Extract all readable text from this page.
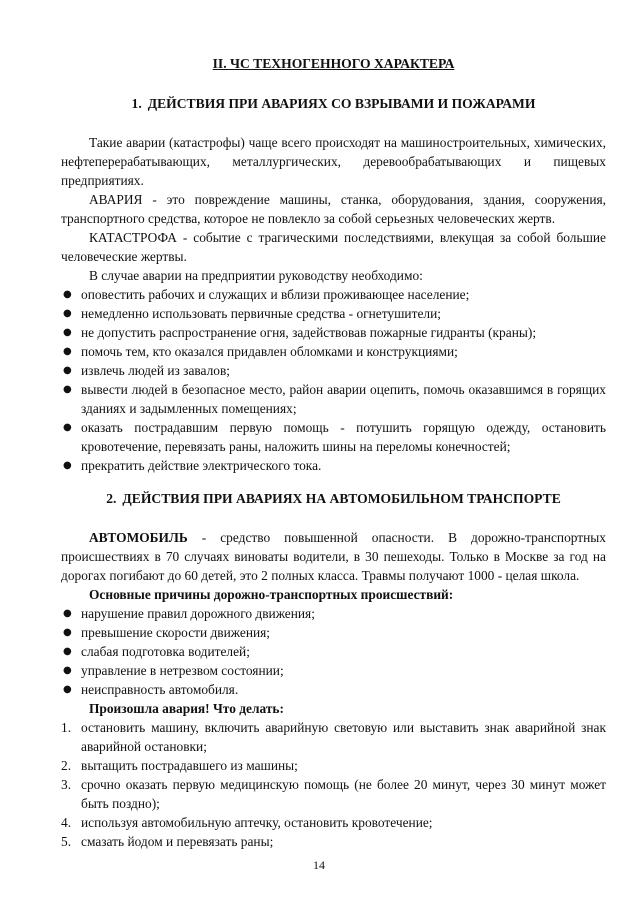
II. ЧС ТЕХНОГЕННОГО ХАРАКТЕРА
1. ДЕЙСТВИЯ ПРИ АВАРИЯХ СО ВЗРЫВАМИ И ПОЖАРАМИ

Такие аварии (катастрофы) чаще всего происходят на машиностроительных, химических, нефтеперерабатывающих, металлургических, деревообрабатывающих и пищевых предприятиях.

АВАРИЯ - это повреждение машины, станка, оборудования, здания, сооружения, транспортного средства, которое не повлекло за собой серьезных человеческих жертв.

КАТАСТРОФА - событие с трагическими последствиями, влекущая за собой большие человеческие жертвы.

В случае аварии на предприятии руководству необходимо:

● оповестить рабочих и служащих и вблизи проживающее население;
● немедленно использовать первичные средства - огнетушители;
● не допустить распространение огня, задействовав пожарные гидранты (краны);
● помочь тем, кто оказался придавлен обломками и конструкциями;
● извлечь людей из завалов;
● вывести людей в безопасное место, район аварии оцепить, помочь оказавшимся в горящих зданиях и задымленных помещениях;
● оказать пострадавшим первую помощь - потушить горящую одежду, остановить кровотечение, перевязать раны, наложить шины на переломы конечностей;
● прекратить действие электрического тока.
2. ДЕЙСТВИЯ ПРИ АВАРИЯХ НА АВТОМОБИЛЬНОМ ТРАНСПОРТЕ

АВТОМОБИЛЬ - средство повышенной опасности. В дорожно-транспортных происшествиях в 70 случаях виноваты водители, в 30 пешеходы. Только в Москве за год на дорогах погибают до 60 детей, это 2 полных класса. Травмы получают 1000 - целая школа.

Основные причины дорожно-транспортных происшествий:

● нарушение правил дорожного движения;
● превышение скорости движения;
● слабая подготовка водителей;
● управление в нетрезвом состоянии;
● неисправность автомобиля.

Произошла авария! Что делать:

1. остановить машину, включить аварийную световую или выставить знак аварийной знак аварийной остановки;
2. вытащить пострадавшего из машины;
3. срочно оказать первую медицинскую помощь (не более 20 минут, через 30 минут может быть поздно);
4. используя автомобильную аптечку, остановить кровотечение;
5. смазать йодом и перевязать раны;
14
